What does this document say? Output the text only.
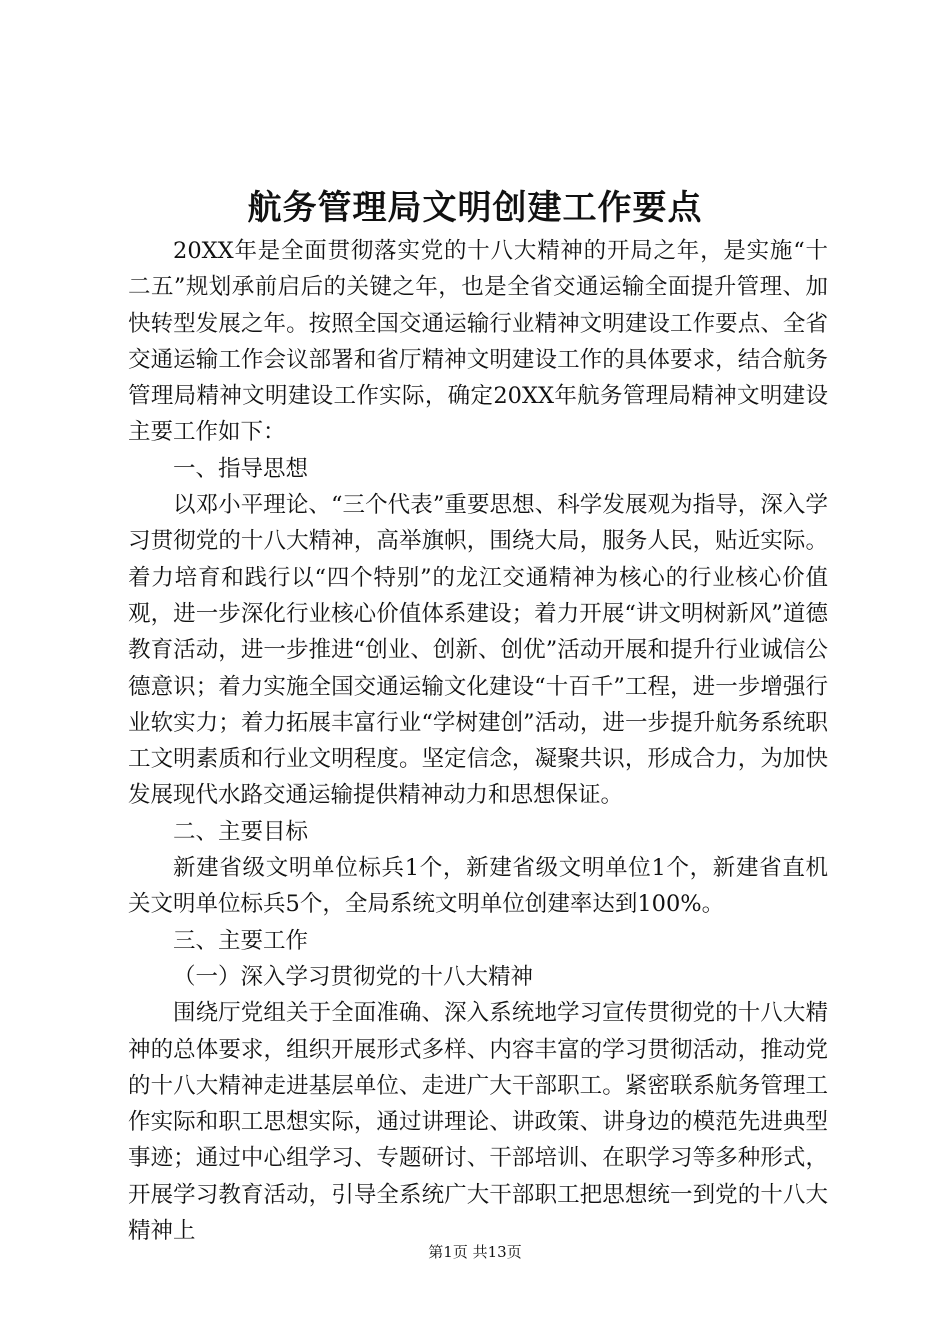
航务管理局文明创建工作要点

20XX年是全面贯彻落实党的十八大精神的开局之年，是实施“十二五”规划承前启后的关键之年，也是全省交通运输全面提升管理、加快转型发展之年。按照全国交通运输行业精神文明建设工作要点、全省交通运输工作会议部署和省厅精神文明建设工作的具体要求，结合航务管理局精神文明建设工作实际，确定20XX年航务管理局精神文明建设主要工作如下：

一、指导思想

以邓小平理论、“三个代表”重要思想、科学发展观为指导，深入学习贯彻党的十八大精神，高举旗帜，围绕大局，服务人民，贴近实际。着力培育和践行以“四个特别”的龙江交通精神为核心的行业核心价值观，进一步深化行业核心价值体系建设；着力开展“讲文明树新风”道德教育活动，进一步推进“创业、创新、创优”活动开展和提升行业诚信公德意识；着力实施全国交通运输文化建设“十百千”工程，进一步增强行业软实力；着力拓展丰富行业“学树建创”活动，进一步提升航务系统职工文明素质和行业文明程度。坚定信念，凝聚共识，形成合力，为加快发展现代水路交通运输提供精神动力和思想保证。

二、主要目标

新建省级文明单位标兵1个，新建省级文明单位1个，新建省直机关文明单位标兵5个，全局系统文明单位创建率达到100%。

三、主要工作

（一）深入学习贯彻党的十八大精神

围绕厅党组关于全面准确、深入系统地学习宣传贯彻党的十八大精神的总体要求，组织开展形式多样、内容丰富的学习贯彻活动，推动党的十八大精神走进基层单位、走进广大干部职工。紧密联系航务管理工作实际和职工思想实际，通过讲理论、讲政策、讲身边的模范先进典型事迹；通过中心组学习、专题研讨、干部培训、在职学习等多种形式，开展学习教育活动，引导全系统广大干部职工把思想统一到党的十八大精神上

第1页 共13页
